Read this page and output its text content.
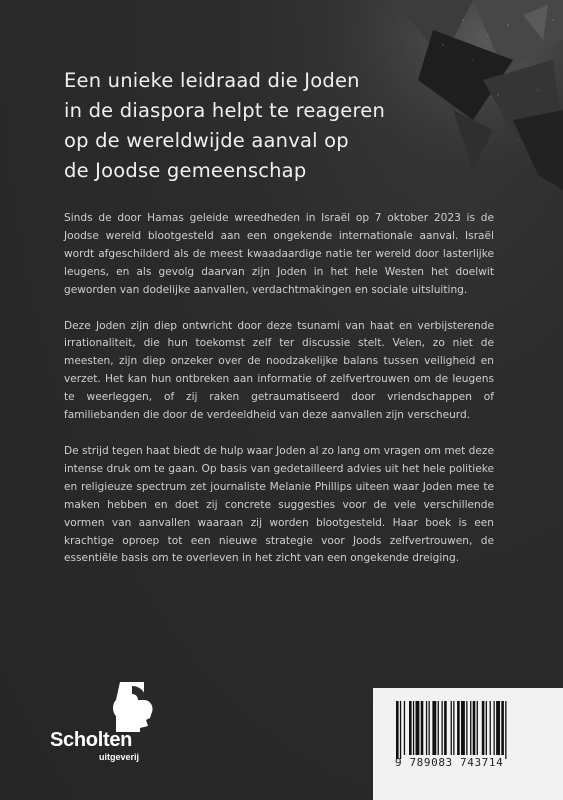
Een unieke leidraad die Joden
in de diaspora helpt te reageren
op de wereldwijde aanval op
de Joodse gemeenschap

Sinds de door Hamas geleide wreedheden in Israël op 7 oktober 2023 is de Joodse wereld blootgesteld aan een ongekende internationale aanval. Israël wordt afgeschilderd als de meest kwaadaardige natie ter wereld door lasterlijke leugens, en als gevolg daarvan zijn Joden in het hele Westen het doelwit geworden van dodelijke aanvallen, verdachtmakingen en sociale uitsluiting.

Deze Joden zijn diep ontwricht door deze tsunami van haat en verbijsterende irrationaliteit, die hun toekomst zelf ter discussie stelt. Velen, zo niet de meesten, zijn diep onzeker over de noodzakelijke balans tussen veiligheid en verzet. Het kan hun ontbreken aan informatie of zelfvertrouwen om de leugens te weerleggen, of zij raken getraumatiseerd door vriendschappen of familiebanden die door de verdeeldheid van deze aanvallen zijn verscheurd.

De strijd tegen haat biedt de hulp waar Joden al zo lang om vragen om met deze intense druk om te gaan. Op basis van gedetailleerd advies uit het hele politieke en religieuze spectrum zet journaliste Melanie Phillips uiteen waar Joden mee te maken hebben en doet zij concrete suggesties voor de vele verschillende vormen van aanvallen waaraan zij worden blootgesteld. Haar boek is een krachtige oproep tot een nieuwe strategie voor Joods zelfvertrouwen, de essentiële basis om te overleven in het zicht van een ongekende dreiging.

Scholten
uitgeverij	9 789083 743714
